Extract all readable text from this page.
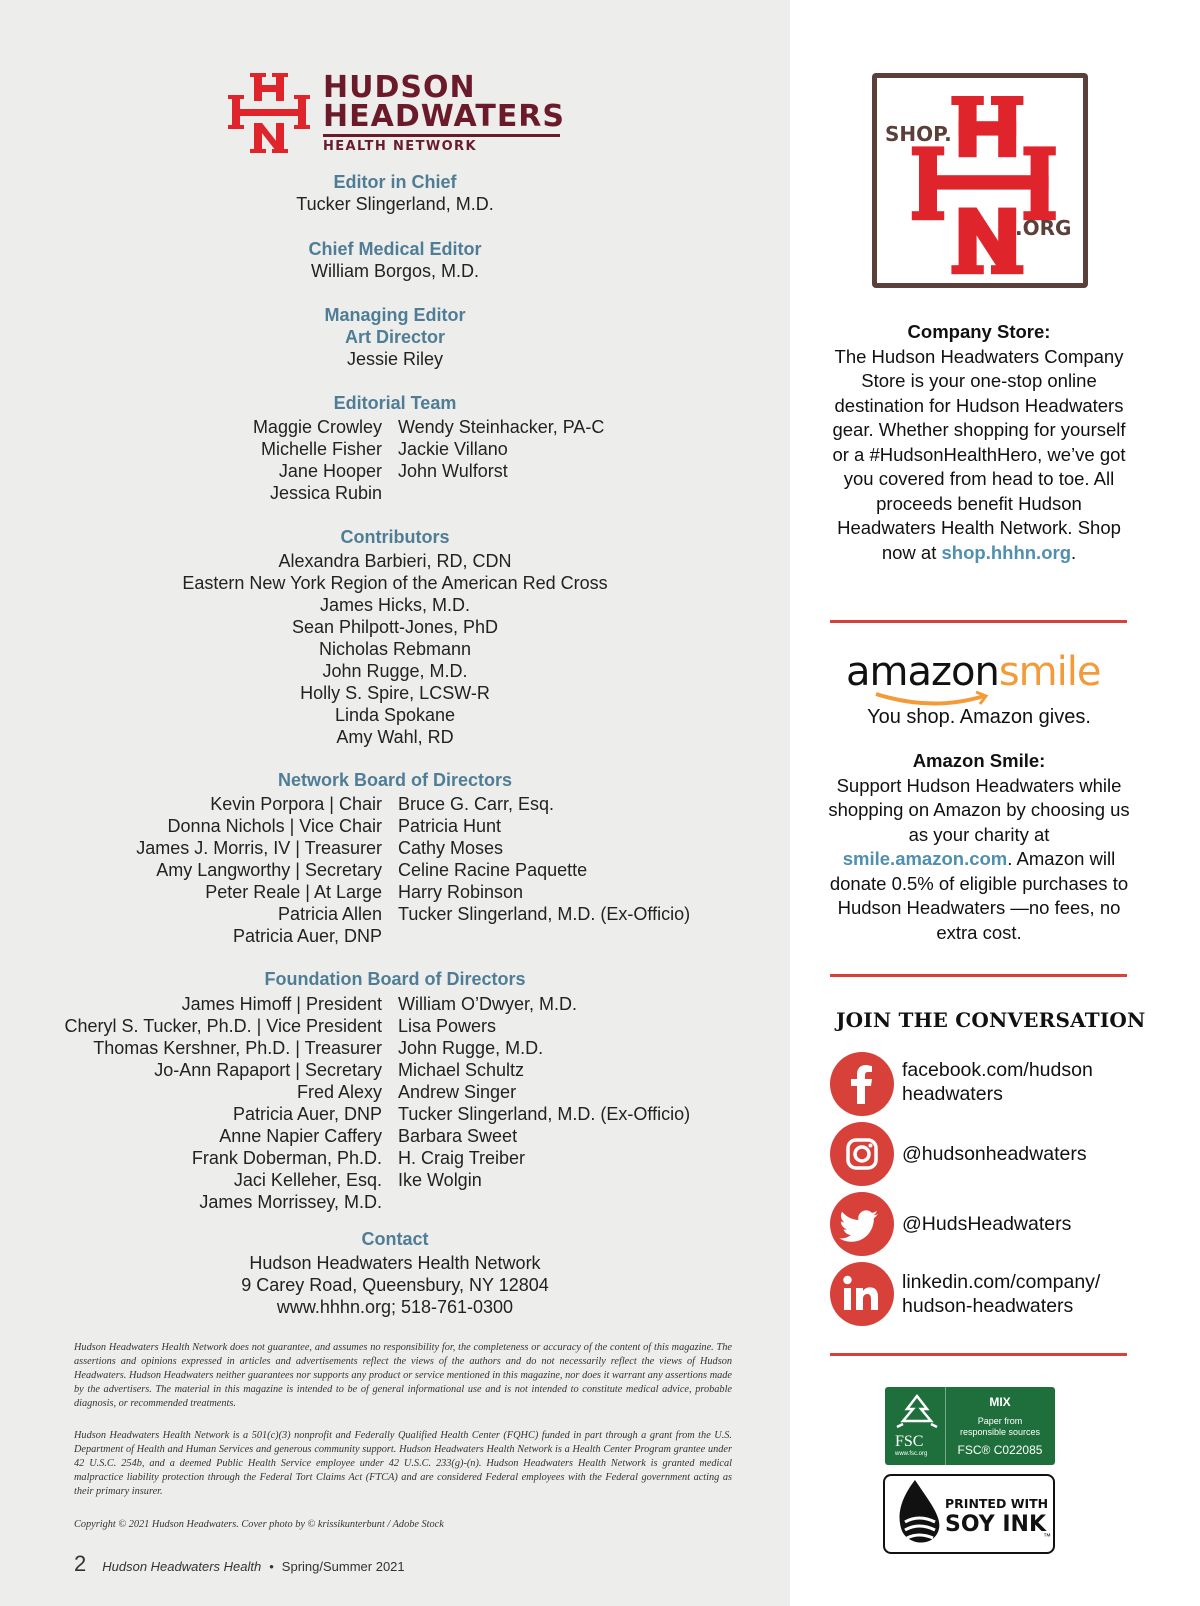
HUDSON
HEADWATERS
HEALTH NETWORK
Editor in Chief
Tucker Slingerland, M.D.
Chief Medical Editor
William Borgos, M.D.
Managing Editor
Art Director
Jessie Riley
Editorial Team
Maggie Crowley
Michelle Fisher
Jane Hooper
Jessica Rubin
Wendy Steinhacker, PA-C
Jackie Villano
John Wulforst
Contributors
Alexandra Barbieri, RD, CDN
Eastern New York Region of the American Red Cross
James Hicks, M.D.
Sean Philpott-Jones, PhD
Nicholas Rebmann
John Rugge, M.D.
Holly S. Spire, LCSW-R
Linda Spokane
Amy Wahl, RD
Network Board of Directors
Kevin Porpora | Chair
Donna Nichols | Vice Chair
James J. Morris, IV | Treasurer
Amy Langworthy | Secretary
Peter Reale | At Large
Patricia Allen
Patricia Auer, DNP
Bruce G. Carr, Esq.
Patricia Hunt
Cathy Moses
Celine Racine Paquette
Harry Robinson
Tucker Slingerland, M.D. (Ex-Officio)
Foundation Board of Directors
James Himoff | President
Cheryl S. Tucker, Ph.D. | Vice President
Thomas Kershner, Ph.D. | Treasurer
Jo-Ann Rapaport | Secretary
Fred Alexy
Patricia Auer, DNP
Anne Napier Caffery
Frank Doberman, Ph.D.
Jaci Kelleher, Esq.
James Morrissey, M.D.
William O’Dwyer, M.D.
Lisa Powers
John Rugge, M.D.
Michael Schultz
Andrew Singer
Tucker Slingerland, M.D. (Ex-Officio)
Barbara Sweet
H. Craig Treiber
Ike Wolgin
Contact
Hudson Headwaters Health Network
9 Carey Road, Queensbury, NY 12804
www.hhhn.org; 518-761-0300
Hudson Headwaters Health Network does not guarantee, and assumes no responsibility for, the completeness or accuracy of the content of this magazine. The assertions and opinions expressed in articles and advertisements reflect the views of the authors and do not necessarily reflect the views of Hudson Headwaters. Hudson Headwaters neither guarantees nor supports any product or service mentioned in this magazine, nor does it warrant any assertions made by the advertisers. The material in this magazine is intended to be of general informational use and is not intended to constitute medical advice, probable diagnosis, or recommended treatments.
Hudson Headwaters Health Network is a 501(c)(3) nonprofit and Federally Qualified Health Center (FQHC) funded in part through a grant from the U.S. Department of Health and Human Services and generous community support. Hudson Headwaters Health Network is a Health Center Program grantee under 42 U.S.C. 254b, and a deemed Public Health Service employee under 42 U.S.C. 233(g)-(n). Hudson Headwaters Health Network is granted medical malpractice liability protection through the Federal Tort Claims Act (FTCA) and are considered Federal employees with the Federal government acting as their primary insurer.
Copyright © 2021 Hudson Headwaters. Cover photo by © krissikunterbunt / Adobe Stock
2 Hudson Headwaters Health • Spring/Summer 2021
SHOP.
.ORG
Company Store:
The Hudson Headwaters Company Store is your one-stop online destination for Hudson Headwaters gear. Whether shopping for yourself or a #HudsonHealthHero, we’ve got you covered from head to toe. All proceeds benefit Hudson Headwaters Health Network. Shop now at shop.hhhn.org.
amazonsmile
You shop. Amazon gives.
Amazon Smile:
Support Hudson Headwaters while shopping on Amazon by choosing us as your charity at smile.amazon.com. Amazon will donate 0.5% of eligible purchases to Hudson Headwaters —no fees, no extra cost.
JOIN THE CONVERSATION
facebook.com/hudson
headwaters
@hudsonheadwaters
@HudsHeadwaters
linkedin.com/company/
hudson-headwaters
FSC
www.fsc.org
MIX
Paper from
responsible sources
FSC® C022085
PRINTED WITH
SOY INK
™
